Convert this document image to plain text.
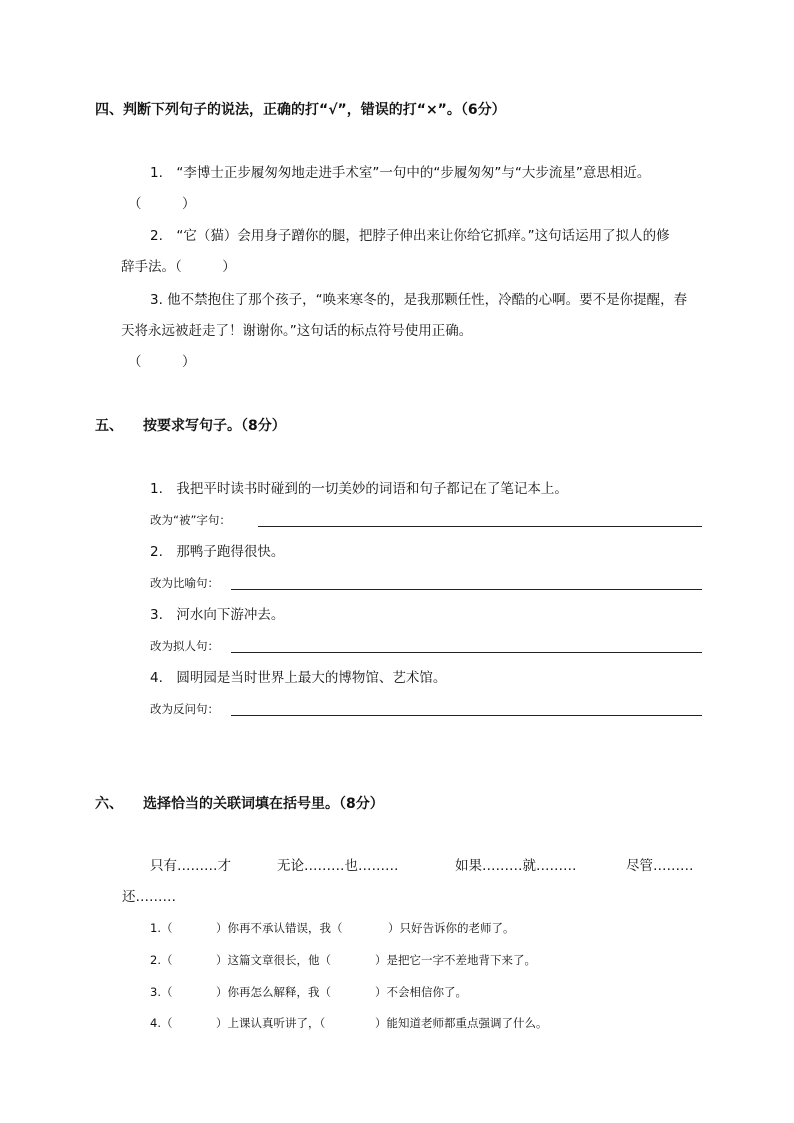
四、判断下列句子的说法，正确的打“√”，错误的打“×”。（6分）
1.　“李博士正步履匆匆地走进手术室”一句中的“步履匆匆”与“大步流星”意思相近。
（　　　）
2.　“它（猫）会用身子蹭你的腿，把脖子伸出来让你给它抓痒。”这句话运用了拟人的修
辞手法。（　　　）
3. 他不禁抱住了那个孩子，“唤来寒冬的，是我那颗任性，冷酷的心啊。要不是你提醒，春
天将永远被赶走了！谢谢你。”这句话的标点符号使用正确。
（　　　）
五、 按要求写句子。（8分）
1.　我把平时读书时碰到的一切美妙的词语和句子都记在了笔记本上。
改为“被”字句：
2.　那鸭子跑得很快。
改为比喻句：
3.　河水向下游冲去。
改为拟人句：
4.　圆明园是当时世界上最大的博物馆、艺术馆。
改为反问句：
六、 选择恰当的关联词填在括号里。（8分）
只有………才	无论………也………	如果………就………	尽管………
还………
1.（	）你再不承认错误，我（	）只好告诉你的老师了。
2.（	）这篇文章很长，他（	）是把它一字不差地背下来了。
3.（	）你再怎么解释，我（	）不会相信你了。
4.（	）上课认真听讲了，（	）能知道老师都重点强调了什么。
